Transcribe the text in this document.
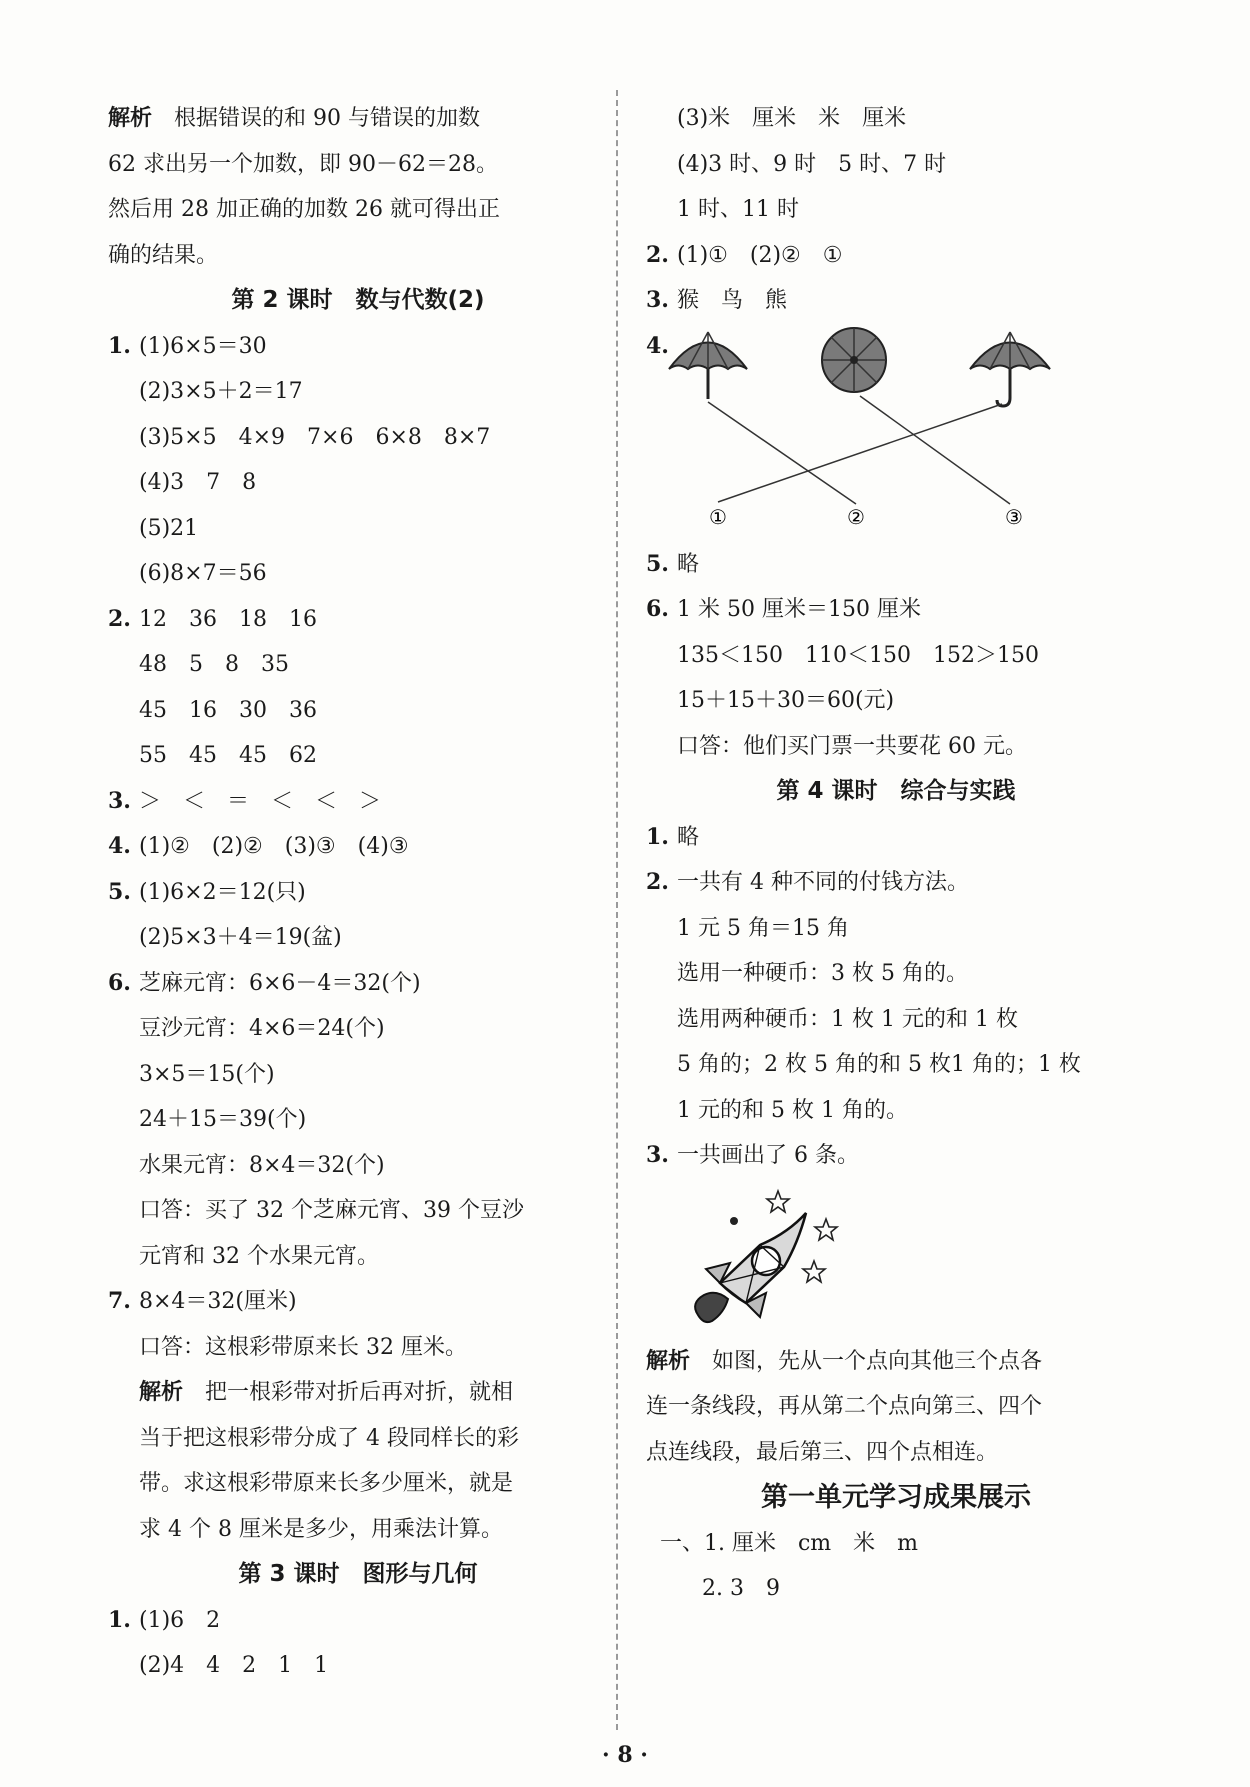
解析　 根据错误的和 90 与错误的加数
62 求出另一个加数，即 90－62＝28。
然后用 28 加正确的加数 26 就可得出正
确的结果。
第 2 课时　数与代数(2)
1. (1)6×5＝30
(2)3×5＋2＝17
(3)5×5　4×9　7×6　6×8　8×7
(4)3　7　8
(5)21
(6)8×7＝56
2. 12　36　18　16
48　5　8　35
45　16　30　36
55　45　45　62
3. ＞　＜　＝　＜　＜　＞
4. (1)②　(2)②　(3)③　(4)③
5. (1)6×2＝12(只)
(2)5×3＋4＝19(盆)
6. 芝麻元宵：6×6－4＝32(个)
豆沙元宵：4×6＝24(个)
3×5＝15(个)
24＋15＝39(个)
水果元宵：8×4＝32(个)
口答：买了 32 个芝麻元宵、39 个豆沙
元宵和 32 个水果元宵。
7. 8×4＝32(厘米)
口答：这根彩带原来长 32 厘米。
解析　 把一根彩带对折后再对折，就相
当于把这根彩带分成了 4 段同样长的彩
带。求这根彩带原来长多少厘米，就是
求 4 个 8 厘米是多少，用乘法计算。
第 3 课时　图形与几何
1. (1)6　2
(2)4　4　2　1　1
(3)米　厘米　米　厘米
(4)3 时、9 时　5 时、7 时
1 时、11 时
2. (1)①　(2)②　①
3. 猴　鸟　熊
4.
①	②	③
5. 略
6. 1 米 50 厘米＝150 厘米
135＜150　110＜150　152＞150
15＋15＋30＝60(元)
口答：他们买门票一共要花 60 元。
第 4 课时　综合与实践
1. 略
2. 一共有 4 种不同的付钱方法。
1 元 5 角＝15 角
选用一种硬币：3 枚 5 角的。
选用两种硬币：1 枚 1 元的和 1 枚
5 角的；2 枚 5 角的和 5 枚1 角的；1 枚
1 元的和 5 枚 1 角的。
3. 一共画出了 6 条。
解析　 如图，先从一个点向其他三个点各
连一条线段，再从第二个点向第三、四个
点连线段，最后第三、四个点相连。
第一单元学习成果展示
一、1. 厘米　cm　米　m
2. 3　9
· 8 ·
